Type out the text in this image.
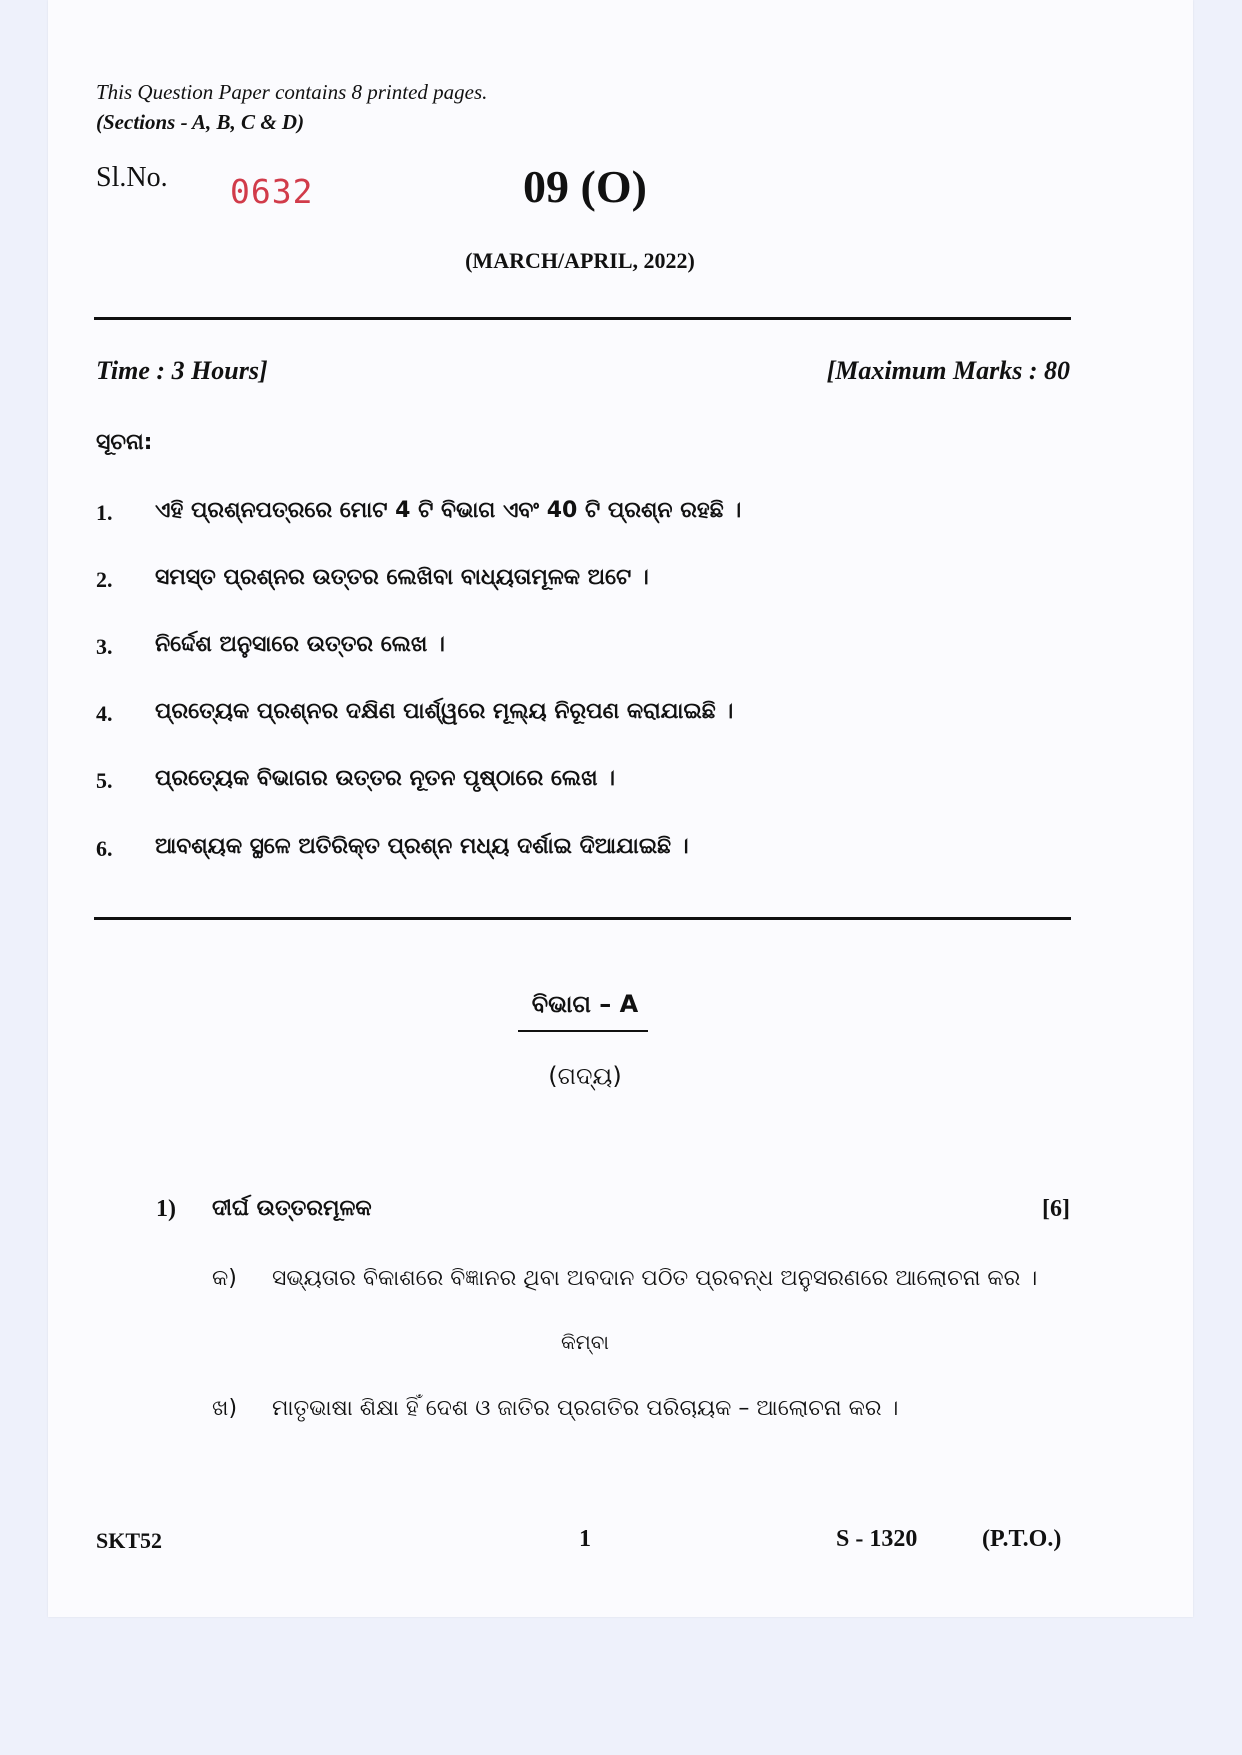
This Question Paper contains 8 printed pages.
(Sections - A, B, C & D)
Sl.No. 0632	09 (O)
(MARCH/APRIL, 2022)
Time : 3 Hours]	[Maximum Marks : 80
ସୂଚନା:
1. ଏହି ପ୍ରଶ୍ନପତ୍ରରେ ମୋଟ 4 ଟି ବିଭାଗ ଏବଂ 40 ଟି ପ୍ରଶ୍ନ ରହଛି ।
2. ସମସ୍ତ ପ୍ରଶ୍ନର ଉତ୍ତର ଲେଖିବା ବାଧ୍ୟତାମୂଳକ ଅଟେ ।
3. ନିର୍ଦ୍ଦେଶ ଅନୁସାରେ ଉତ୍ତର ଲେଖ ।
4. ପ୍ରତ୍ୟେକ ପ୍ରଶ୍ନର ଦକ୍ଷିଣ ପାର୍ଶ୍ୱରେ ମୂଲ୍ୟ ନିରୂପଣ କରାଯାଇଛି ।
5. ପ୍ରତ୍ୟେକ ବିଭାଗର ଉତ୍ତର ନୂତନ ପୃଷ୍ଠାରେ ଲେଖ ।
6. ଆବଶ୍ୟକ ସ୍ଥଳେ ଅତିରିକ୍ତ ପ୍ରଶ୍ନ ମଧ୍ୟ ଦର୍ଶାଇ ଦିଆଯାଇଛି ।
ବିଭାଗ – A
(ଗଦ୍ୟ)
1) ଦୀର୍ଘ ଉତ୍ତରମୂଳକ	[6]
କ) ସଭ୍ୟତାର ବିକାଶରେ ବିଜ୍ଞାନର ଥିବା ଅବଦାନ ପଠିତ ପ୍ରବନ୍ଧ ଅନୁସରଣରେ ଆଲୋଚନା କର ।
କିମ୍ବା
ଖ) ମାତୃଭାଷା ଶିକ୍ଷା ହିଁ ଦେଶ ଓ ଜାତିର ପ୍ରଗତିର ପରିଚାୟକ – ଆଲୋଚନା କର ।
SKT52	1	S - 1320	(P.T.O.)
